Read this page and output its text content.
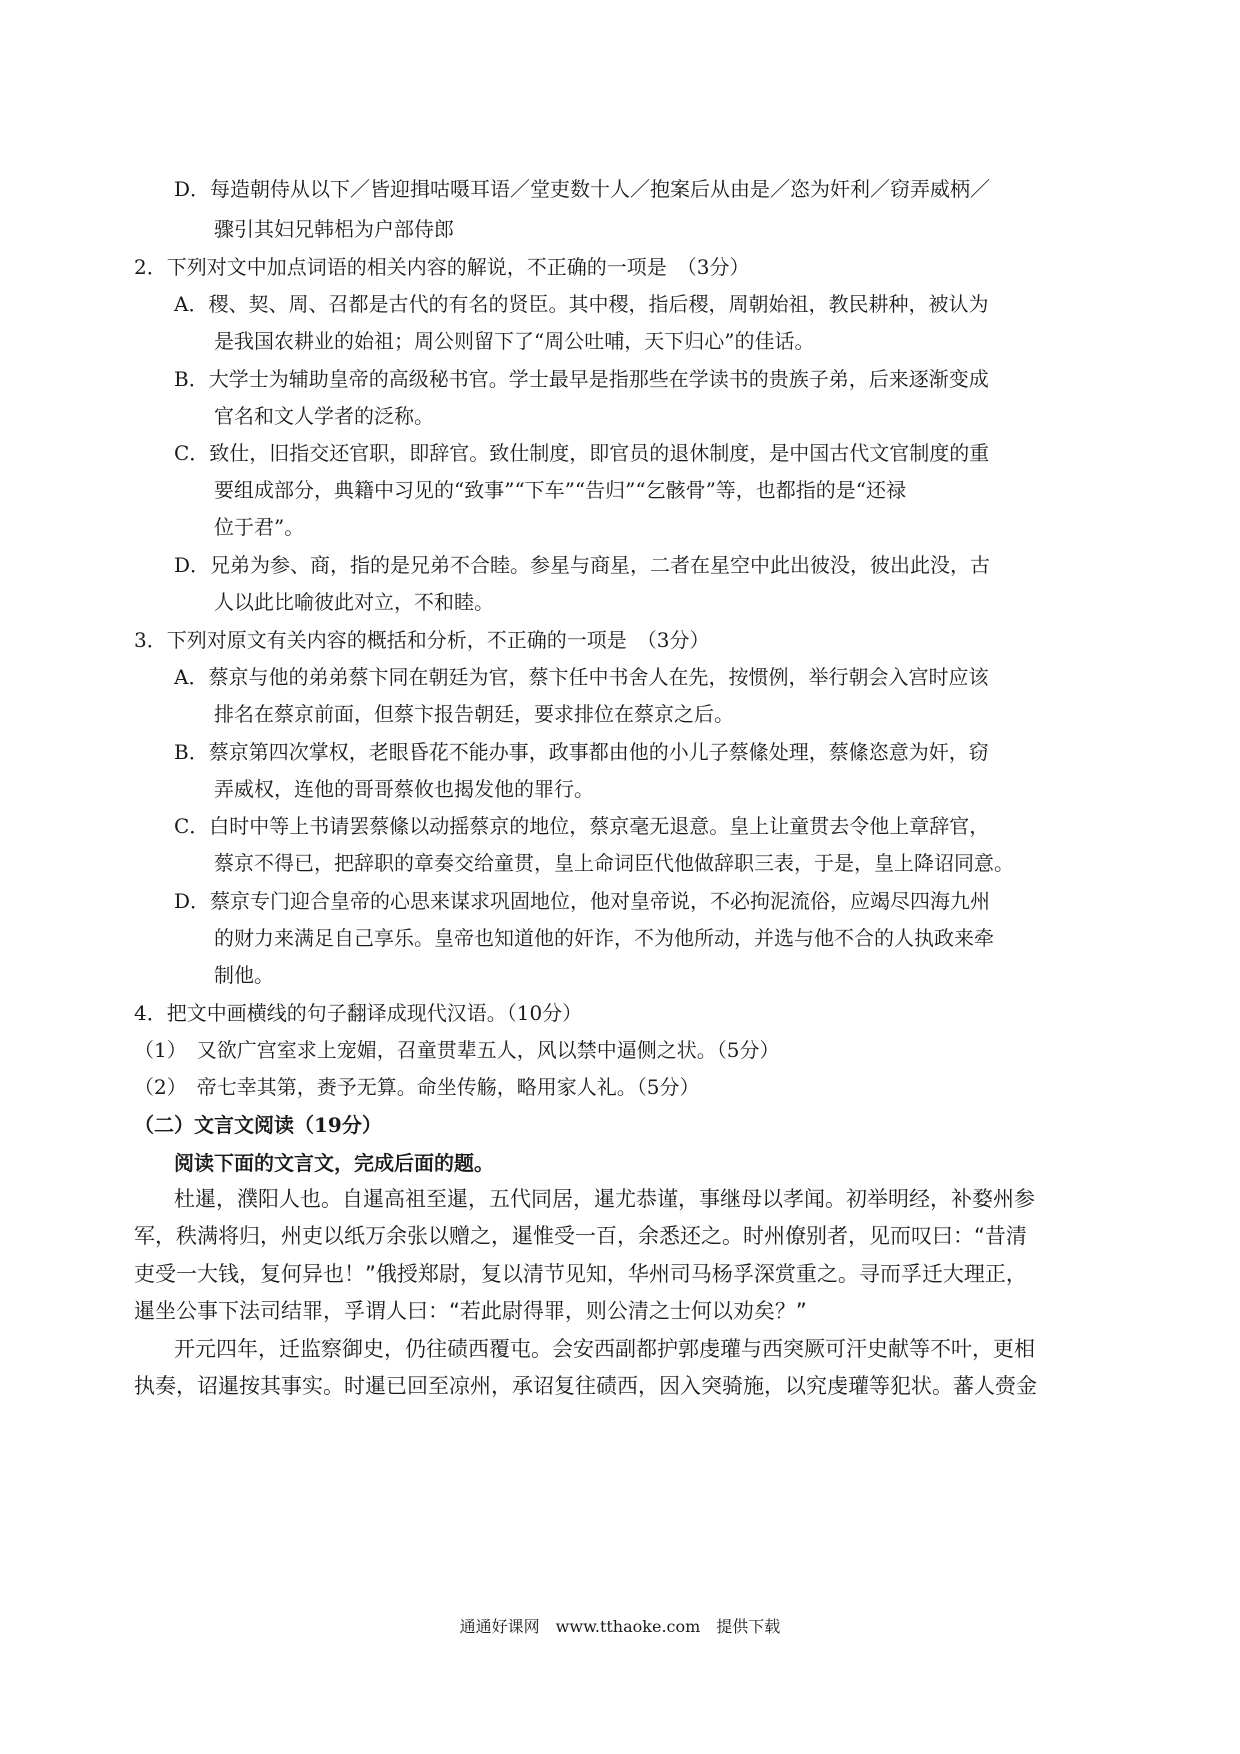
D．每造朝侍从以下／皆迎揖咕嗫耳语／堂吏数十人／抱案后从由是／恣为奸利／窃弄威柄／
骤引其妇兄韩梠为户部侍郎
2．下列对文中加点词语的相关内容的解说，不正确的一项是　（3分）
A．稷、契、周、召都是古代的有名的贤臣。其中稷，指后稷，周朝始祖，教民耕种，被认为
是我国农耕业的始祖；周公则留下了“周公吐哺，天下归心”的佳话。
B．大学士为辅助皇帝的高级秘书官。学士最早是指那些在学读书的贵族子弟，后来逐渐变成
官名和文人学者的泛称。
C．致仕，旧指交还官职，即辞官。致仕制度，即官员的退休制度，是中国古代文官制度的重
要组成部分，典籍中习见的“致事”“下车”“告归”“乞骸骨”等，也都指的是“还禄
位于君”。
D．兄弟为参、商，指的是兄弟不合睦。参星与商星，二者在星空中此出彼没，彼出此没，古
人以此比喻彼此对立，不和睦。
3．下列对原文有关内容的概括和分析，不正确的一项是　（3分）
A．蔡京与他的弟弟蔡卞同在朝廷为官，蔡卞任中书舍人在先，按惯例，举行朝会入宫时应该
排名在蔡京前面，但蔡卞报告朝廷，要求排位在蔡京之后。
B．蔡京第四次掌权，老眼昏花不能办事，政事都由他的小儿子蔡絛处理，蔡絛恣意为奸，窃
弄威权，连他的哥哥蔡攸也揭发他的罪行。
C．白时中等上书请罢蔡絛以动摇蔡京的地位，蔡京毫无退意。皇上让童贯去令他上章辞官，
蔡京不得已，把辞职的章奏交给童贯，皇上命词臣代他做辞职三表，于是，皇上降诏同意。
D．蔡京专门迎合皇帝的心思来谋求巩固地位，他对皇帝说，不必拘泥流俗，应竭尽四海九州
的财力来满足自己享乐。皇帝也知道他的奸诈，不为他所动，并选与他不合的人执政来牵
制他。
4．把文中画横线的句子翻译成现代汉语。（10分）
（1）　又欲广宫室求上宠媚，召童贯辈五人，风以禁中逼侧之状。（5分）
（2）　帝七幸其第，赉予无算。命坐传觞，略用家人礼。（5分）
（二）文言文阅读（19分）
阅读下面的文言文，完成后面的题。
杜暹，濮阳人也。自暹高祖至暹，五代同居，暹尤恭谨，事继母以孝闻。初举明经，补婺州参
军，秩满将归，州吏以纸万余张以赠之，暹惟受一百，余悉还之。时州僚别者，见而叹曰：“昔清
吏受一大钱，复何异也！”俄授郑尉，复以清节见知，华州司马杨孚深赏重之。寻而孚迁大理正，
暹坐公事下法司结罪，孚谓人曰：“若此尉得罪，则公清之士何以劝矣？”
开元四年，迁监察御史，仍往碛西覆屯。会安西副都护郭虔瓘与西突厥可汗史献等不叶，更相
执奏，诏暹按其事实。时暹已回至凉州，承诏复往碛西，因入突骑施，以究虔瓘等犯状。蕃人赍金
通通好课网　www.tthaoke.com　提供下载
